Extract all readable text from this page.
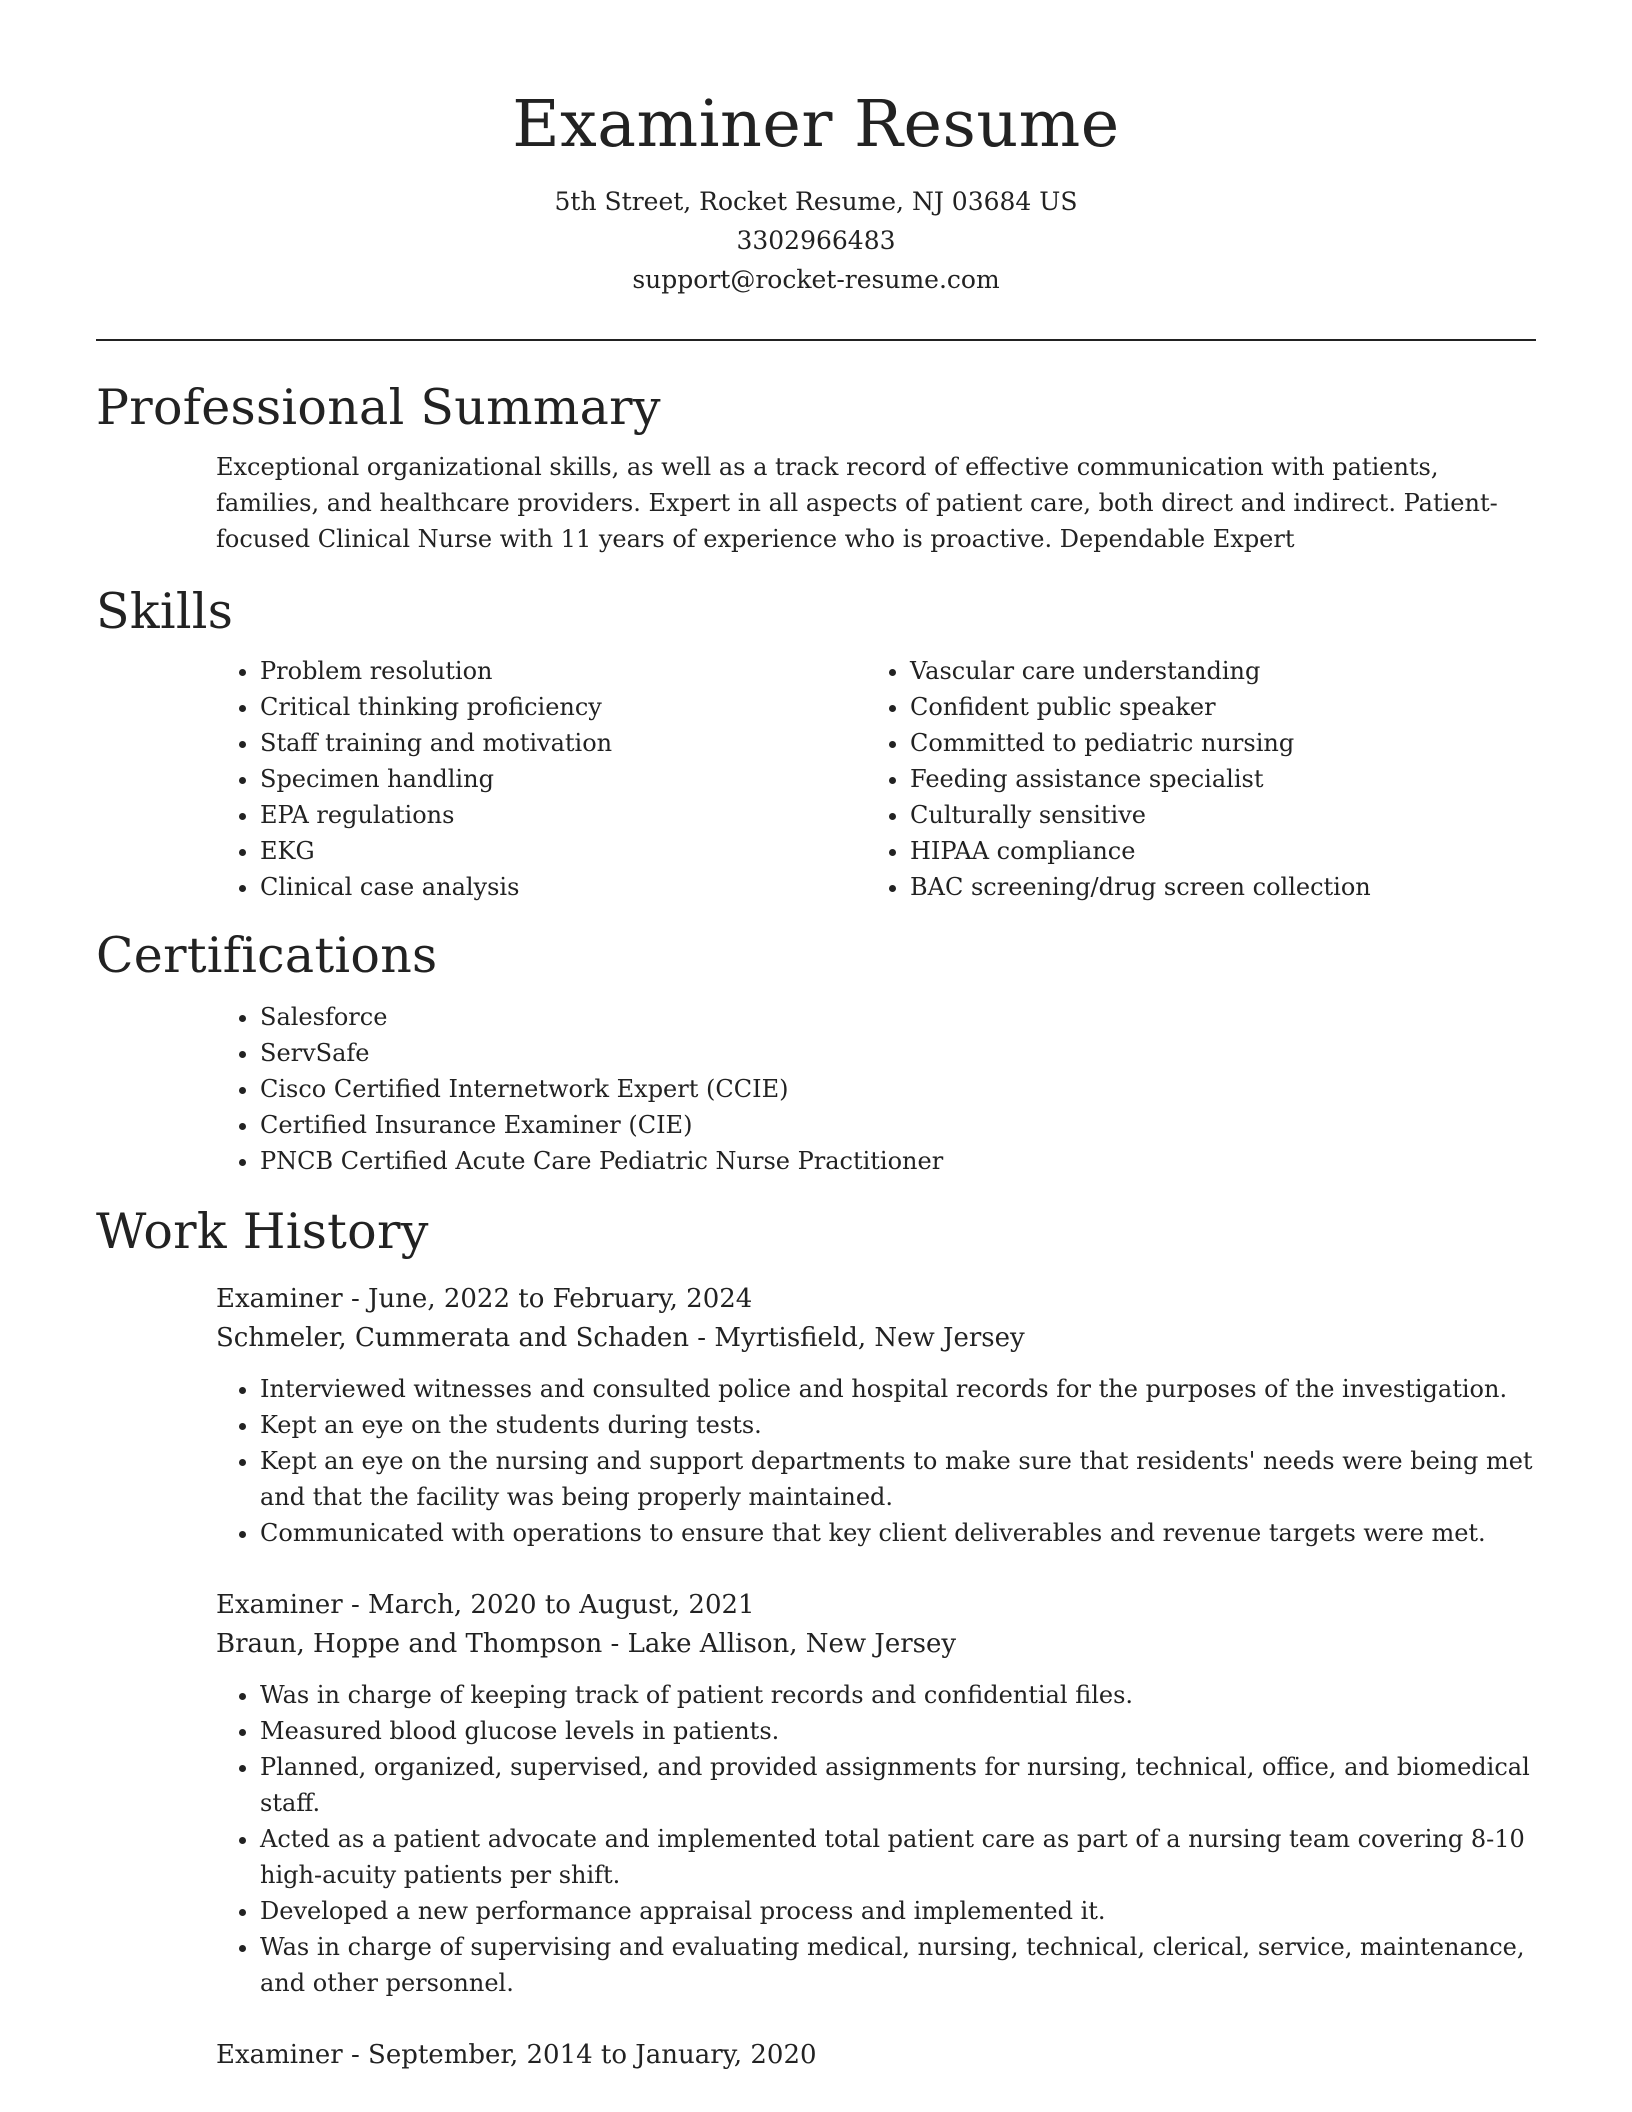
Examiner Resume

5th Street, Rocket Resume, NJ 03684 US

3302966483

support@rocket-resume.com

Professional Summary

Exceptional organizational skills, as well as a track record of effective communication with patients, families, and healthcare providers. Expert in all aspects of patient care, both direct and indirect. Patient-focused Clinical Nurse with 11 years of experience who is proactive. Dependable Expert

Skills
• Problem resolution
• Critical thinking proficiency
• Staff training and motivation
• Specimen handling
• EPA regulations
• EKG
• Clinical case analysis
• Vascular care understanding
• Confident public speaker
• Committed to pediatric nursing
• Feeding assistance specialist
• Culturally sensitive
• HIPAA compliance
• BAC screening/drug screen collection
Certifications
• Salesforce
• ServSafe
• Cisco Certified Internetwork Expert (CCIE)
• Certified Insurance Examiner (CIE)
• PNCB Certified Acute Care Pediatric Nurse Practitioner
Work History

Examiner - June, 2022 to February, 2024

Schmeler, Cummerata and Schaden - Myrtisfield, New Jersey

• Interviewed witnesses and consulted police and hospital records for the purposes of the investigation.
• Kept an eye on the students during tests.
• Kept an eye on the nursing and support departments to make sure that residents' needs were being met and that the facility was being properly maintained.
• Communicated with operations to ensure that key client deliverables and revenue targets were met.

Examiner - March, 2020 to August, 2021

Braun, Hoppe and Thompson - Lake Allison, New Jersey

• Was in charge of keeping track of patient records and confidential files.
• Measured blood glucose levels in patients.
• Planned, organized, supervised, and provided assignments for nursing, technical, office, and biomedical staff.
• Acted as a patient advocate and implemented total patient care as part of a nursing team covering 8-10 high-acuity patients per shift.
• Developed a new performance appraisal process and implemented it.
• Was in charge of supervising and evaluating medical, nursing, technical, clerical, service, maintenance, and other personnel.

Examiner - September, 2014 to January, 2020
